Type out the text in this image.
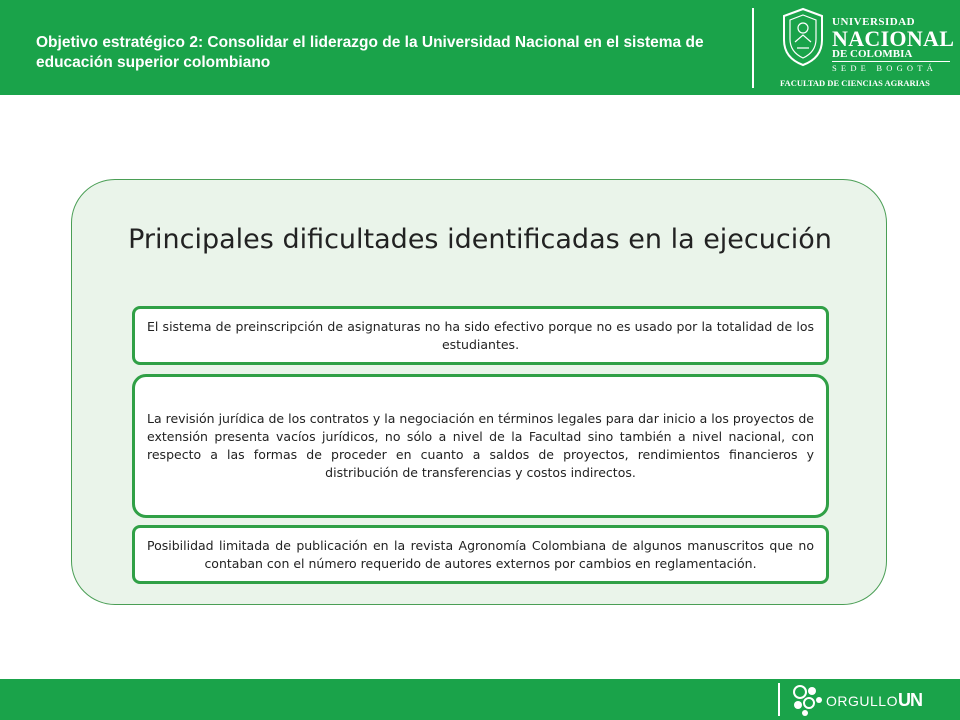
Objetivo estratégico 2: Consolidar el liderazgo de la Universidad Nacional en el sistema de educación superior colombiano
UNIVERSIDAD
NACIONAL
DE COLOMBIA
SEDE BOGOTÁ
FACULTAD DE CIENCIAS AGRARIAS
Principales dificultades identificadas en la ejecución
El sistema de preinscripción de asignaturas no ha sido efectivo porque no es usado por la totalidad de los estudiantes.
La revisión jurídica de los contratos y la negociación en términos legales para dar inicio a los proyectos de extensión presenta vacíos jurídicos, no sólo a nivel de la Facultad sino también a nivel nacional, con respecto a las formas de proceder en cuanto a saldos de proyectos, rendimientos financieros y distribución de transferencias y costos indirectos.
Posibilidad limitada de publicación en la revista Agronomía Colombiana de algunos manuscritos que no contaban con el número requerido de autores externos por cambios en reglamentación.
ORGULLOUN
